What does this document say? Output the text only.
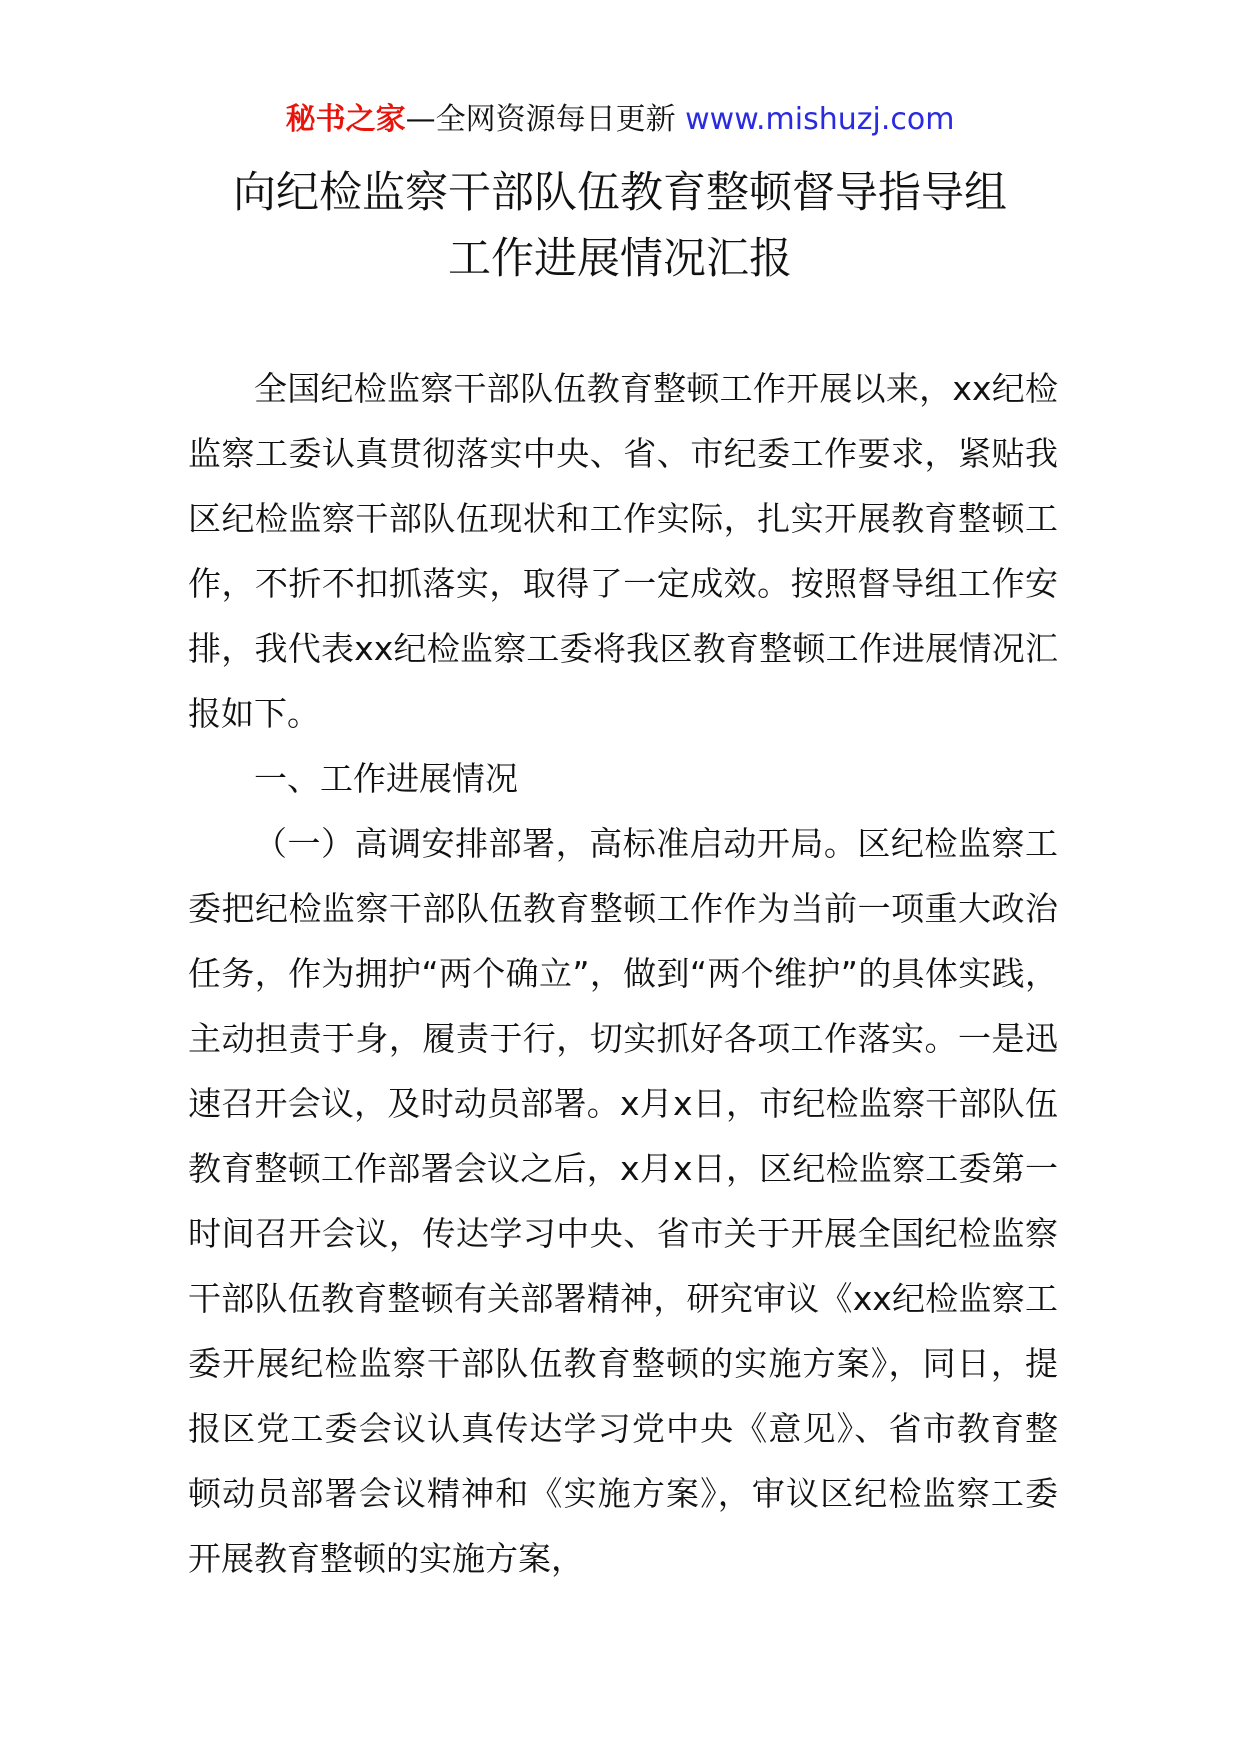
秘书之家—全网资源每日更新 www.mishuzj.com
向纪检监察干部队伍教育整顿督导指导组
工作进展情况汇报

全国纪检监察干部队伍教育整顿工作开展以来，xx纪检监察工委认真贯彻落实中央、省、市纪委工作要求，紧贴我区纪检监察干部队伍现状和工作实际，扎实开展教育整顿工作，不折不扣抓落实，取得了一定成效。按照督导组工作安排，我代表xx纪检监察工委将我区教育整顿工作进展情况汇报如下。

一、工作进展情况

（一）高调安排部署，高标准启动开局。区纪检监察工委把纪检监察干部队伍教育整顿工作作为当前一项重大政治任务，作为拥护“两个确立”，做到“两个维护”的具体实践，主动担责于身，履责于行，切实抓好各项工作落实。一是迅速召开会议，及时动员部署。x月x日，市纪检监察干部队伍教育整顿工作部署会议之后，x月x日，区纪检监察工委第一时间召开会议，传达学习中央、省市关于开展全国纪检监察干部队伍教育整顿有关部署精神，研究审议《xx纪检监察工委开展纪检监察干部队伍教育整顿的实施方案》，同日，提报区党工委会议认真传达学习党中央《意见》、省市教育整顿动员部署会议精神和《实施方案》，审议区纪检监察工委开展教育整顿的实施方案，
